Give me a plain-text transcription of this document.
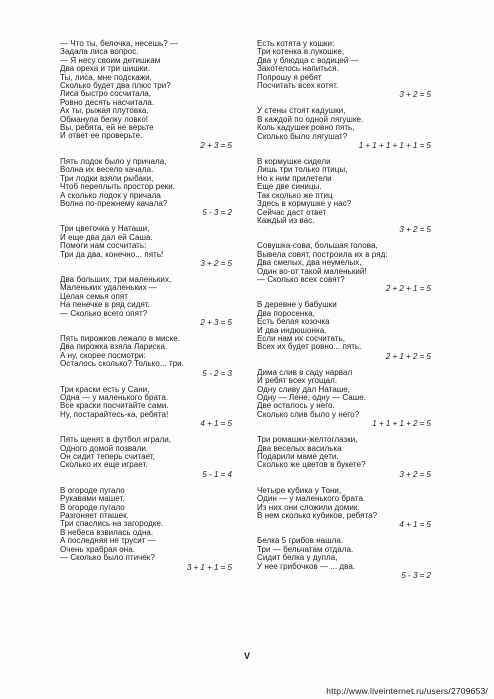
— Что ты, белочка, несешь? —
Задала лиса вопрос.
— Я несу своим детишкам
Два ореха и три шишки.
Ты, лиса, мне подскажи,
Сколько будет два плюс три?
Лиса быстро сосчитала,
Ровно десять насчитала.
Ах ты, рыжая плутовка,
Обманула белку ловко!
Вы, ребята, ей не верьте
И ответ ее проверьте.
2 + 3 = 5
Пять лодок было у причала,
Волна их весело качала.
Три лодки взяли рыбаки,
Чтоб переплыть простор реки.
А сколько лодок у причала
Волна по-прежнему качала?
5 - 3 = 2
Три цветочка у Наташи,
И еще два дал ей Саша.
Помоги нам сосчитать:
Три да два, конечно... пять!
3 + 2 = 5
Два больших, три маленьких,
Маленьких удаленьких —
Целая семья опят
На пенечке в ряд сидят.
— Сколько всего опят?
2 + 3 = 5
Пять пирожков лежало в миске.
Два пирожка взяла Лариска.
А ну, скорее посмотри:
Осталось сколько? Только... три.
5 - 2 = 3
Три краски есть у Сани,
Одна — у маленького брата.
Все краски посчитайте сами.
Ну, постарайтесь-ка, ребята!
4 + 1 = 5
Пять щенят в футбол играли,
Одного домой позвали.
Он сидит теперь считает,
Сколько их еще играет.
5 - 1 = 4
В огороде пугало
Рукавами машет.
В огороде пугало
Разгоняет пташек.
Три спаслись на загородке.
В небеса взвилась одна.
А последняя не трусит —
Очень храбрая она.
— Сколько было птичек?
3 + 1 + 1 = 5
Есть котята у кошки:
Три котенка в лукошке,
Два у блюдца с водицей —
Захотелось напиться.
Попрошу я ребят
Посчитать всех котят.
3 + 2 = 5
У стены стоят кадушки,
В каждой по одной лягушке.
Коль кадушек ровно пять,
Сколько было лягушат?
1 + 1 + 1 + 1 + 1 = 5
В кормушке сидели
Лишь три только птицы,
Но к ним прилетели
Еще две синицы.
Так сколько же птиц
Здесь в кормушке у нас?
Сейчас даст ответ
Каждый из вас.
3 + 2 = 5
Совушка-сова, большая голова,
Вывела совят, построила их в ряд:
Два смелых, два неумелых,
Один во-от такой маленький!
— Сколько всех совят?
2 + 2 + 1 = 5
В деревне у бабушки
Два поросенка,
Есть белая козочка
И два индюшонка.
Если нам их сосчитать,
Всех их будет ровно... пять.
2 + 1 + 2 = 5
Дима слив в саду нарвал
И ребят всех угощал.
Одну сливу дал Наташе,
Одну — Лене, одну — Саше.
Две осталось у него.
Сколько слив было у него?
1 + 1 + 1 + 2 = 5
Три ромашки-желтоглазки,
Два веселых василька
Подарили маме дети.
Сколько же цветов в букете?
3 + 2 = 5
Четыре кубика у Тони,
Один — у маленького брата.
Из них они сложили домик.
В нем сколько кубиков, ребята?
4 + 1 = 5
Белка 5 грибов нашла.
Три — бельчатам отдала.
Сидит белка у дупла,
У нее грибочков — ... два.
5 - 3 = 2
V
http://www.liveinternet.ru/users/2709653/
